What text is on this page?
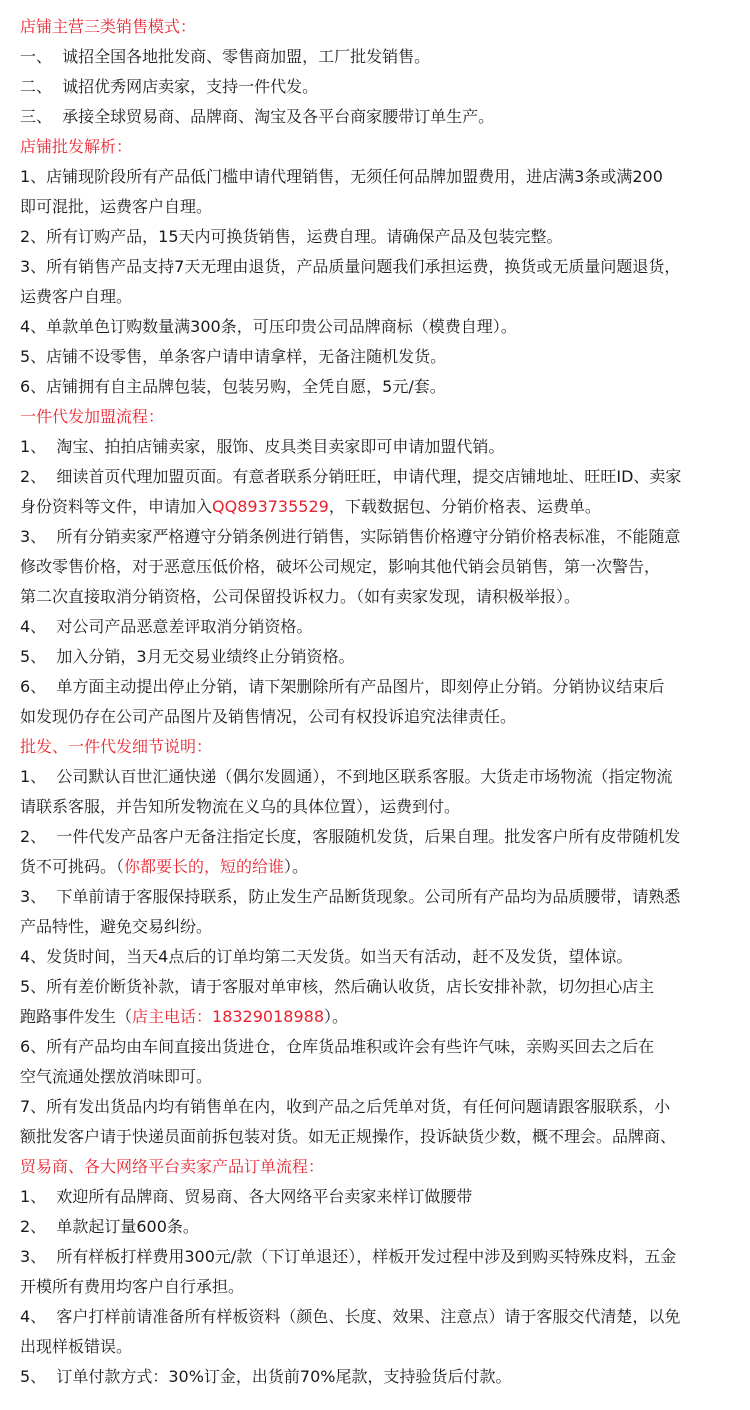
店铺主营三类销售模式：
一、  诚招全国各地批发商、零售商加盟，工厂批发销售。
二、  诚招优秀网店卖家，支持一件代发。
三、  承接全球贸易商、品牌商、淘宝及各平台商家腰带订单生产。
店铺批发解析：
1、店铺现阶段所有产品低门槛申请代理销售，无须任何品牌加盟费用，进店满3条或满200
即可混批，运费客户自理。
2、所有订购产品，15天内可换货销售，运费自理。请确保产品及包装完整。
3、所有销售产品支持7天无理由退货，产品质量问题我们承担运费，换货或无质量问题退货，
运费客户自理。
4、单款单色订购数量满300条，可压印贵公司品牌商标（模费自理）。
5、店铺不设零售，单条客户请申请拿样，无备注随机发货。
6、店铺拥有自主品牌包装，包装另购，全凭自愿，5元/套。
一件代发加盟流程：
1、  淘宝、拍拍店铺卖家，服饰、皮具类目卖家即可申请加盟代销。
2、  细读首页代理加盟页面。有意者联系分销旺旺，申请代理，提交店铺地址、旺旺ID、卖家
身份资料等文件，申请加入QQ893735529，下载数据包、分销价格表、运费单。
3、  所有分销卖家严格遵守分销条例进行销售，实际销售价格遵守分销价格表标准，不能随意
修改零售价格，对于恶意压低价格，破坏公司规定，影响其他代销会员销售，第一次警告，
第二次直接取消分销资格，公司保留投诉权力。（如有卖家发现，请积极举报）。
4、  对公司产品恶意差评取消分销资格。
5、  加入分销，3月无交易业绩终止分销资格。
6、  单方面主动提出停止分销，请下架删除所有产品图片，即刻停止分销。分销协议结束后
如发现仍存在公司产品图片及销售情况，公司有权投诉追究法律责任。
批发、一件代发细节说明：
1、  公司默认百世汇通快递（偶尔发圆通），不到地区联系客服。大货走市场物流（指定物流
请联系客服，并告知所发物流在义乌的具体位置），运费到付。
2、  一件代发产品客户无备注指定长度，客服随机发货，后果自理。批发客户所有皮带随机发
货不可挑码。（你都要长的，短的给谁）。
3、  下单前请于客服保持联系，防止发生产品断货现象。公司所有产品均为品质腰带，请熟悉
产品特性，避免交易纠纷。
4、发货时间，当天4点后的订单均第二天发货。如当天有活动，赶不及发货，望体谅。
5、所有差价断货补款，请于客服对单审核，然后确认收货，店长安排补款，切勿担心店主
跑路事件发生（店主电话：18329018988）。
6、所有产品均由车间直接出货进仓，仓库货品堆积或许会有些许气味，亲购买回去之后在
空气流通处摆放消味即可。
7、所有发出货品内均有销售单在内，收到产品之后凭单对货，有任何问题请跟客服联系，小
额批发客户请于快递员面前拆包装对货。如无正规操作，投诉缺货少数，概不理会。品牌商、
贸易商、各大网络平台卖家产品订单流程：
1、  欢迎所有品牌商、贸易商、各大网络平台卖家来样订做腰带
2、  单款起订量600条。
3、  所有样板打样费用300元/款（下订单退还），样板开发过程中涉及到购买特殊皮料，五金
开模所有费用均客户自行承担。
4、  客户打样前请准备所有样板资料（颜色、长度、效果、注意点）请于客服交代清楚，以免
出现样板错误。
5、  订单付款方式：30%订金，出货前70%尾款，支持验货后付款。
